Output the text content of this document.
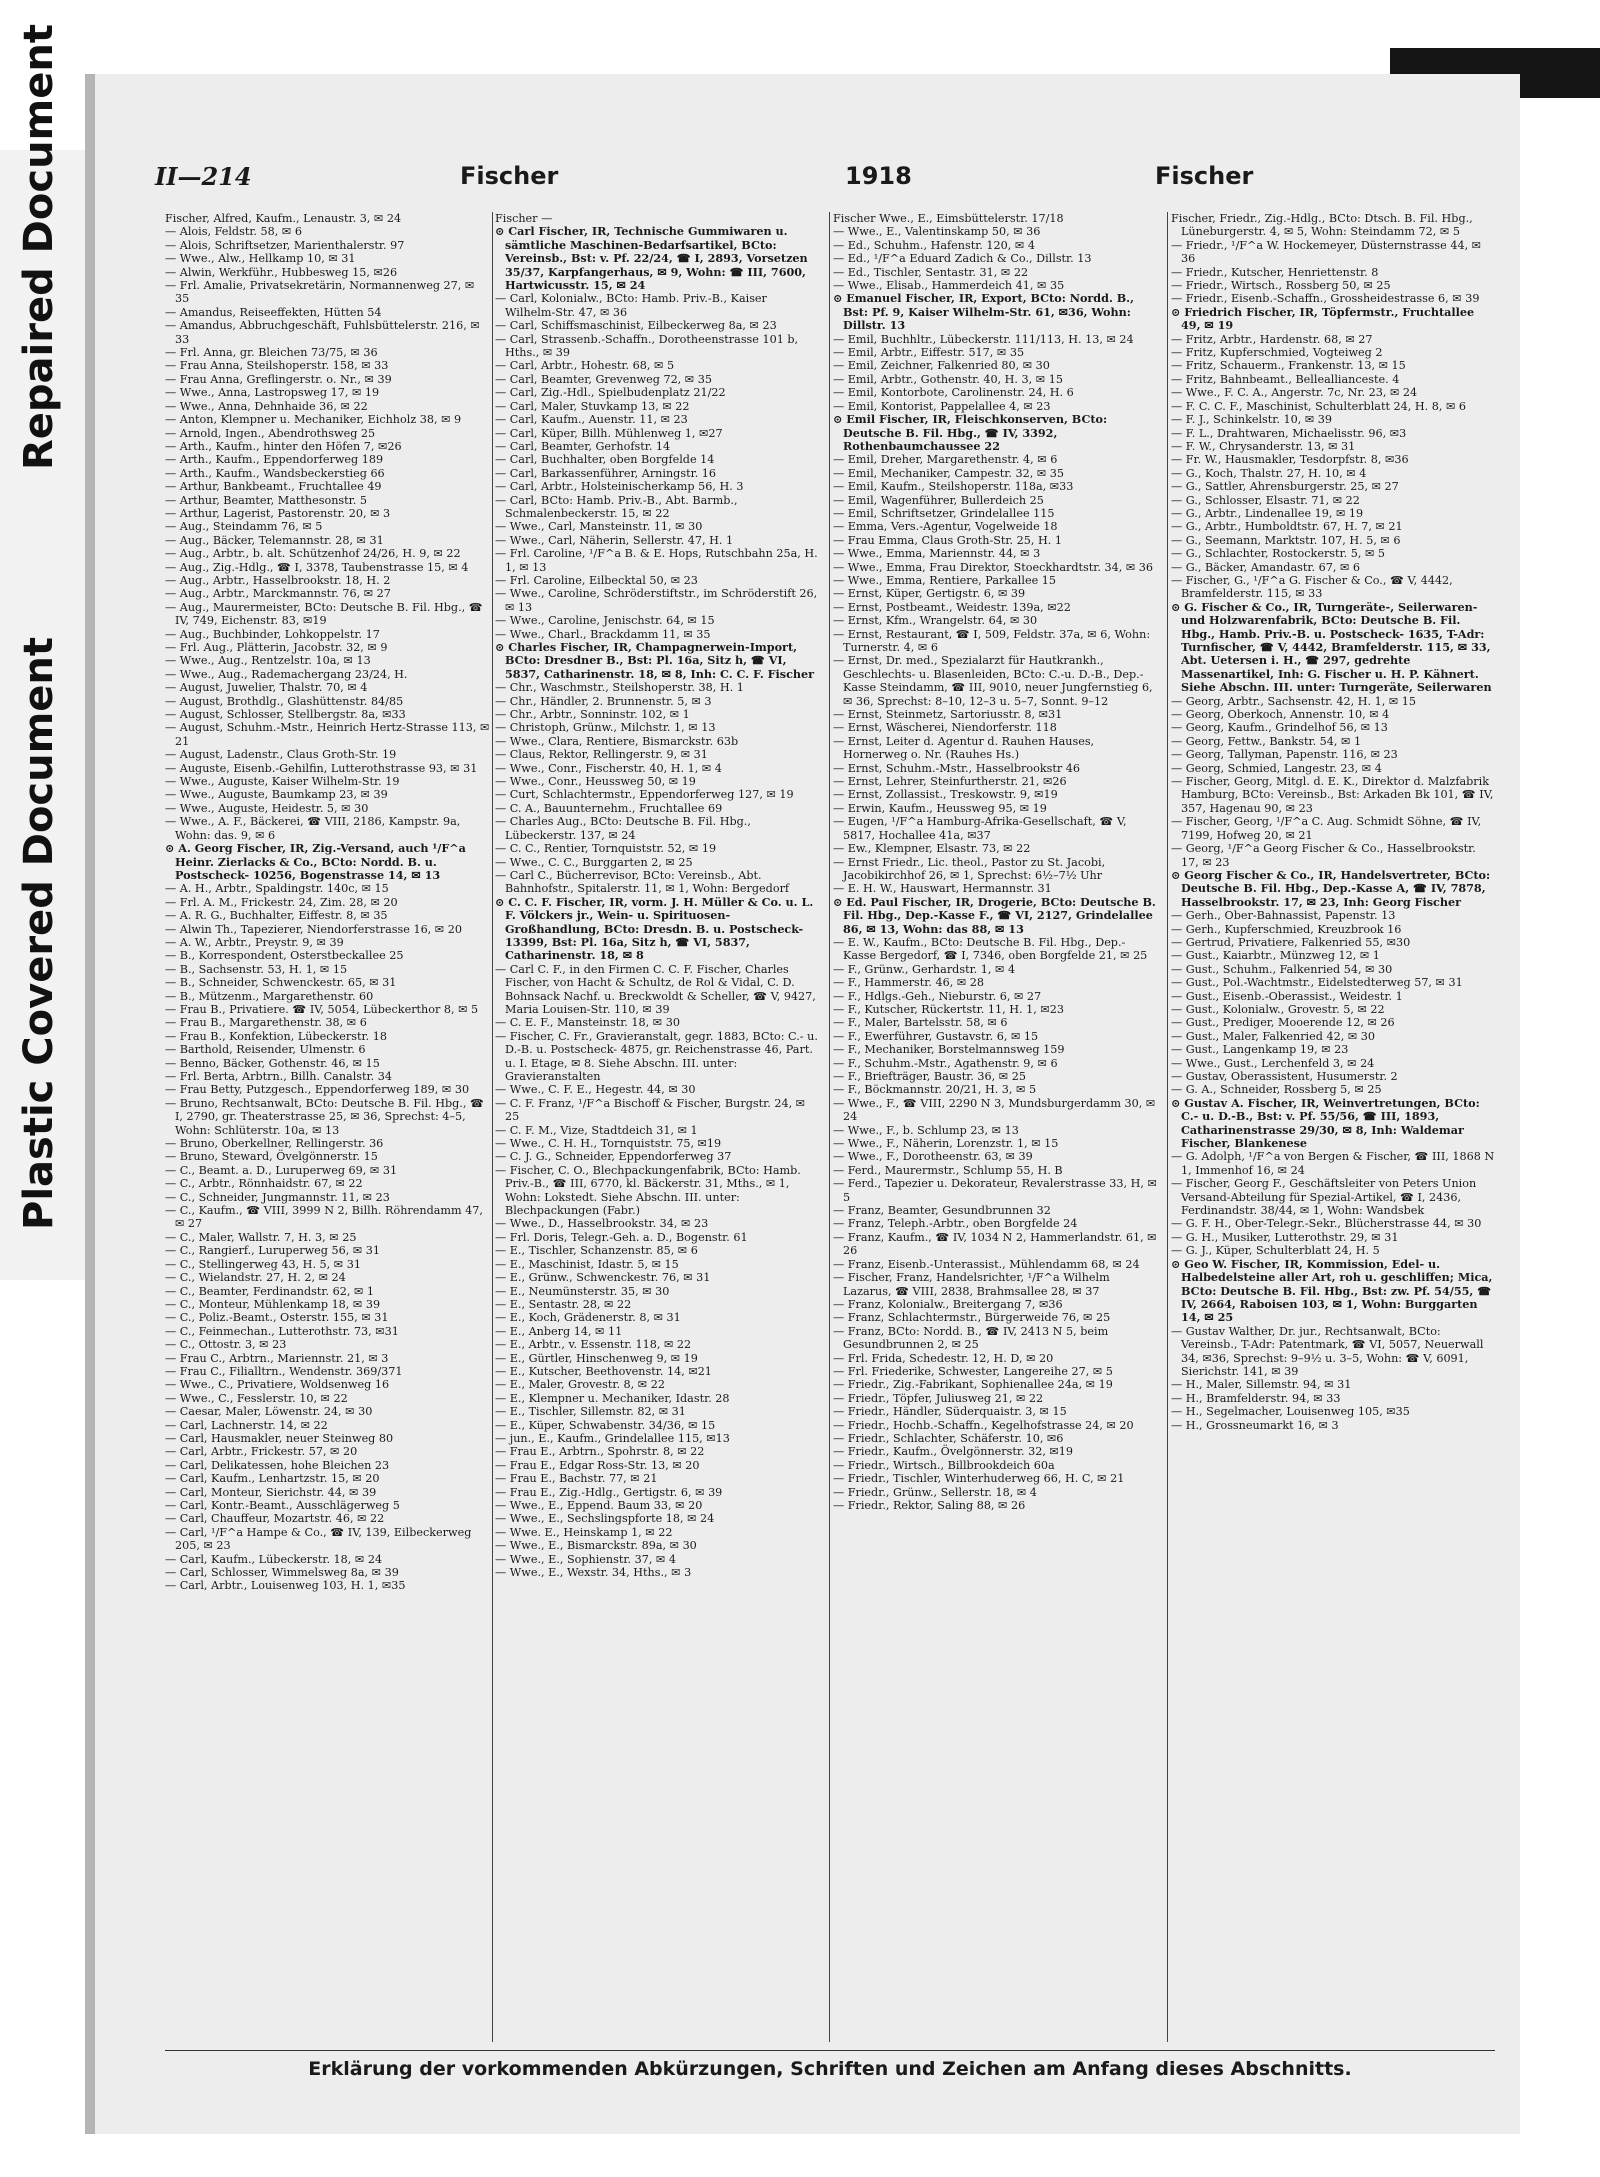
Plastic Covered Document
Repaired Document	II—214	Fischer	1918	Fischer

Fischer, Alfred, Kaufm., Lenaustr. 3, ✉ 24

— Alois, Feldstr. 58, ✉ 6

— Alois, Schriftsetzer, Marienthalerstr. 97

— Wwe., Alw., Hellkamp 10, ✉ 31

— Alwin, Werkführ., Hubbesweg 15, ✉26

— Frl. Amalie, Privatsekretärin, Normannenweg 27, ✉ 35

— Amandus, Reiseeffekten, Hütten 54

— Amandus, Abbruchgeschäft, Fuhlsbüttelerstr. 216, ✉ 33

— Frl. Anna, gr. Bleichen 73/75, ✉ 36

— Frau Anna, Steilshoperstr. 158, ✉ 33

— Frau Anna, Greflingerstr. o. Nr., ✉ 39

— Wwe., Anna, Lastropsweg 17, ✉ 19

— Wwe., Anna, Dehnhaide 36, ✉ 22

— Anton, Klempner u. Mechaniker, Eichholz 38, ✉ 9

— Arnold, Ingen., Abendrothsweg 25

— Arth., Kaufm., hinter den Höfen 7, ✉26

— Arth., Kaufm., Eppendorferweg 189

— Arth., Kaufm., Wandsbeckerstieg 66

— Arthur, Bankbeamt., Fruchtallee 49

— Arthur, Beamter, Matthesonstr. 5

— Arthur, Lagerist, Pastorenstr. 20, ✉ 3

— Aug., Steindamm 76, ✉ 5

— Aug., Bäcker, Telemannstr. 28, ✉ 31

— Aug., Arbtr., b. alt. Schützenhof 24/26, H. 9, ✉ 22

— Aug., Zig.-Hdlg., ☎ I, 3378, Taubenstrasse 15, ✉ 4

— Aug., Arbtr., Hasselbrookstr. 18, H. 2

— Aug., Arbtr., Marckmannstr. 76, ✉ 27

— Aug., Maurermeister, BCto: Deutsche B. Fil. Hbg., ☎ IV, 749, Eichenstr. 83, ✉19

— Aug., Buchbinder, Lohkoppelstr. 17

— Frl. Aug., Plätterin, Jacobstr. 32, ✉ 9

— Wwe., Aug., Rentzelstr. 10a, ✉ 13

— Wwe., Aug., Rademachergang 23/24, H.

— August, Juwelier, Thalstr. 70, ✉ 4

— August, Brothdlg., Glashüttenstr. 84/85

— August, Schlosser, Stellbergstr. 8a, ✉33

— August, Schuhm.-Mstr., Heinrich Hertz-Strasse 113, ✉ 21

— August, Ladenstr., Claus Groth-Str. 19

— Auguste, Eisenb.-Gehilfin, Lutterothstrasse 93, ✉ 31

— Wwe., Auguste, Kaiser Wilhelm-Str. 19

— Wwe., Auguste, Baumkamp 23, ✉ 39

— Wwe., Auguste, Heidestr. 5, ✉ 30

— Wwe., A. F., Bäckerei, ☎ VIII, 2186, Kampstr. 9a, Wohn: das. 9, ✉ 6

⊙ A. Georg Fischer, IR, Zig.-Versand, auch ¹/F^a Heinr. Zierlacks & Co., BCto: Nordd. B. u. Postscheck- 10256, Bogenstrasse 14, ✉ 13

— A. H., Arbtr., Spaldingstr. 140c, ✉ 15

— Frl. A. M., Frickestr. 24, Zim. 28, ✉ 20

— A. R. G., Buchhalter, Eiffestr. 8, ✉ 35

— Alwin Th., Tapezierer, Niendorferstrasse 16, ✉ 20

— A. W., Arbtr., Preystr. 9, ✉ 39

— B., Korrespondent, Osterstbeckallee 25

— B., Sachsenstr. 53, H. 1, ✉ 15

— B., Schneider, Schwenckestr. 65, ✉ 31

— B., Mützenm., Margarethenstr. 60

— Frau B., Privatiere. ☎ IV, 5054, Lübeckerthor 8, ✉ 5

— Frau B., Margarethenstr. 38, ✉ 6

— Frau B., Konfektion, Lübeckerstr. 18

— Barthold, Reisender, Ulmenstr. 6

— Benno, Bäcker, Gothenstr. 46, ✉ 15

— Frl. Berta, Arbtrn., Billh. Canalstr. 34

— Frau Betty, Putzgesch., Eppendorferweg 189, ✉ 30

— Bruno, Rechtsanwalt, BCto: Deutsche B. Fil. Hbg., ☎ I, 2790, gr. Theaterstrasse 25, ✉ 36, Sprechst: 4–5, Wohn: Schlüterstr. 10a, ✉ 13

— Bruno, Oberkellner, Rellingerstr. 36

— Bruno, Steward, Övelgönnerstr. 15

— C., Beamt. a. D., Luruperweg 69, ✉ 31

— C., Arbtr., Rönnhaidstr. 67, ✉ 22

— C., Schneider, Jungmannstr. 11, ✉ 23

— C., Kaufm., ☎ VIII, 3999 N 2, Billh. Röhrendamm 47, ✉ 27

— C., Maler, Wallstr. 7, H. 3, ✉ 25

— C., Rangierf., Luruperweg 56, ✉ 31

— C., Stellingerweg 43, H. 5, ✉ 31

— C., Wielandstr. 27, H. 2, ✉ 24

— C., Beamter, Ferdinandstr. 62, ✉ 1

— C., Monteur, Mühlenkamp 18, ✉ 39

— C., Poliz.-Beamt., Osterstr. 155, ✉ 31

— C., Feinmechan., Lutterothstr. 73, ✉31

— C., Ottostr. 3, ✉ 23

— Frau C., Arbtrn., Mariennstr. 21, ✉ 3

— Frau C., Filialltrn., Wendenstr. 369/371

— Wwe., C., Privatiere, Woldsenweg 16

— Wwe., C., Fesslerstr. 10, ✉ 22

— Caesar, Maler, Löwenstr. 24, ✉ 30

— Carl, Lachnerstr. 14, ✉ 22

— Carl, Hausmakler, neuer Steinweg 80

— Carl, Arbtr., Frickestr. 57, ✉ 20

— Carl, Delikatessen, hohe Bleichen 23

— Carl, Kaufm., Lenhartzstr. 15, ✉ 20

— Carl, Monteur, Sierichstr. 44, ✉ 39

— Carl, Kontr.-Beamt., Ausschlägerweg 5

— Carl, Chauffeur, Mozartstr. 46, ✉ 22

— Carl, ¹/F^a Hampe & Co., ☎ IV, 139, Eilbeckerweg 205, ✉ 23

— Carl, Kaufm., Lübeckerstr. 18, ✉ 24

— Carl, Schlosser, Wimmelsweg 8a, ✉ 39

— Carl, Arbtr., Louisenweg 103, H. 1, ✉35

Fischer —

⊙ Carl Fischer, IR, Technische Gummiwaren u. sämtliche Maschinen-Bedarfsartikel, BCto: Vereinsb., Bst: v. Pf. 22/24, ☎ I, 2893, Vorsetzen 35/37, Karpfangerhaus, ✉ 9, Wohn: ☎ III, 7600, Hartwicusstr. 15, ✉ 24

— Carl, Kolonialw., BCto: Hamb. Priv.-B., Kaiser Wilhelm-Str. 47, ✉ 36

— Carl, Schiffsmaschinist, Eilbeckerweg 8a, ✉ 23

— Carl, Strassenb.-Schaffn., Dorotheenstrasse 101 b, Hths., ✉ 39

— Carl, Arbtr., Hohestr. 68, ✉ 5

— Carl, Beamter, Grevenweg 72, ✉ 35

— Carl, Zig.-Hdl., Spielbudenplatz 21/22

— Carl, Maler, Stuvkamp 13, ✉ 22

— Carl, Kaufm., Auenstr. 11, ✉ 23

— Carl, Küper, Billh. Mühlenweg 1, ✉27

— Carl, Beamter, Gerhofstr. 14

— Carl, Buchhalter, oben Borgfelde 14

— Carl, Barkassenführer, Arningstr. 16

— Carl, Arbtr., Holsteinischerkamp 56, H. 3

— Carl, BCto: Hamb. Priv.-B., Abt. Barmb., Schmalenbeckerstr. 15, ✉ 22

— Wwe., Carl, Mansteinstr. 11, ✉ 30

— Wwe., Carl, Näherin, Sellerstr. 47, H. 1

— Frl. Caroline, ¹/F^a B. & E. Hops, Rutschbahn 25a, H. 1, ✉ 13

— Frl. Caroline, Eilbecktal 50, ✉ 23

— Wwe., Caroline, Schröderstiftstr., im Schröderstift 26, ✉ 13

— Wwe., Caroline, Jenischstr. 64, ✉ 15

— Wwe., Charl., Brackdamm 11, ✉ 35

⊙ Charles Fischer, IR, Champagnerwein-Import, BCto: Dresdner B., Bst: Pl. 16a, Sitz h, ☎ VI, 5837, Catharinenstr. 18, ✉ 8, Inh: C. C. F. Fischer

— Chr., Waschmstr., Steilshoperstr. 38, H. 1

— Chr., Händler, 2. Brunnenstr. 5, ✉ 3

— Chr., Arbtr., Sonninstr. 102, ✉ 1

— Christoph, Grünw., Milchstr. 1, ✉ 13

— Wwe., Clara, Rentiere, Bismarckstr. 63b

— Claus, Rektor, Rellingerstr. 9, ✉ 31

— Wwe., Conr., Fischerstr. 40, H. 1, ✉ 4

— Wwe., Conr., Heussweg 50, ✉ 19

— Curt, Schlachtermstr., Eppendorferweg 127, ✉ 19

— C. A., Bauunternehm., Fruchtallee 69

— Charles Aug., BCto: Deutsche B. Fil. Hbg., Lübeckerstr. 137, ✉ 24

— C. C., Rentier, Tornquiststr. 52, ✉ 19

— Wwe., C. C., Burggarten 2, ✉ 25

— Carl C., Bücherrevisor, BCto: Vereinsb., Abt. Bahnhofstr., Spitalerstr. 11, ✉ 1, Wohn: Bergedorf

⊙ C. C. F. Fischer, IR, vorm. J. H. Müller & Co. u. L. F. Völckers jr., Wein- u. Spirituosen-Großhandlung, BCto: Dresdn. B. u. Postscheck- 13399, Bst: Pl. 16a, Sitz h, ☎ VI, 5837, Catharinenstr. 18, ✉ 8

— Carl C. F., in den Firmen C. C. F. Fischer, Charles Fischer, von Hacht & Schultz, de Rol & Vidal, C. D. Bohnsack Nachf. u. Breckwoldt & Scheller, ☎ V, 9427, Maria Louisen-Str. 110, ✉ 39

— C. E. F., Mansteinstr. 18, ✉ 30

— Fischer, C. Fr., Gravieranstalt, gegr. 1883, BCto: C.- u. D.-B. u. Postscheck- 4875, gr. Reichenstrasse 46, Part. u. I. Etage, ✉ 8. Siehe Abschn. III. unter: Gravieranstalten

— Wwe., C. F. E., Hegestr. 44, ✉ 30

— C. F. Franz, ¹/F^a Bischoff & Fischer, Burgstr. 24, ✉ 25

— C. F. M., Vize, Stadtdeich 31, ✉ 1

— Wwe., C. H. H., Tornquiststr. 75, ✉19

— C. J. G., Schneider, Eppendorferweg 37

— Fischer, C. O., Blechpackungenfabrik, BCto: Hamb. Priv.-B., ☎ III, 6770, kl. Bäckerstr. 31, Mths., ✉ 1, Wohn: Lokstedt. Siehe Abschn. III. unter: Blechpackungen (Fabr.)

— Wwe., D., Hasselbrookstr. 34, ✉ 23

— Frl. Doris, Telegr.-Geh. a. D., Bogenstr. 61

— E., Tischler, Schanzenstr. 85, ✉ 6

— E., Maschinist, Idastr. 5, ✉ 15

— E., Grünw., Schwenckestr. 76, ✉ 31

— E., Neumünsterstr. 35, ✉ 30

— E., Sentastr. 28, ✉ 22

— E., Koch, Grädenerstr. 8, ✉ 31

— E., Anberg 14, ✉ 11

— E., Arbtr., v. Essenstr. 118, ✉ 22

— E., Gürtler, Hinschenweg 9, ✉ 19

— E., Kutscher, Beethovenstr. 14, ✉21

— E., Maler, Grovestr. 8, ✉ 22

— E., Klempner u. Mechaniker, Idastr. 28

— E., Tischler, Sillemstr. 82, ✉ 31

— E., Küper, Schwabenstr. 34/36, ✉ 15

— jun., E., Kaufm., Grindelallee 115, ✉13

— Frau E., Arbtrn., Spohrstr. 8, ✉ 22

— Frau E., Edgar Ross-Str. 13, ✉ 20

— Frau E., Bachstr. 77, ✉ 21

— Frau E., Zig.-Hdlg., Gertigstr. 6, ✉ 39

— Wwe., E., Eppend. Baum 33, ✉ 20

— Wwe., E., Sechslingspforte 18, ✉ 24

— Wwe. E., Heinskamp 1, ✉ 22

— Wwe., E., Bismarckstr. 89a, ✉ 30

— Wwe., E., Sophienstr. 37, ✉ 4

— Wwe., E., Wexstr. 34, Hths., ✉ 3

Fischer Wwe., E., Eimsbüttelerstr. 17/18

— Wwe., E., Valentinskamp 50, ✉ 36

— Ed., Schuhm., Hafenstr. 120, ✉ 4

— Ed., ¹/F^a Eduard Zadich & Co., Dillstr. 13

— Ed., Tischler, Sentastr. 31, ✉ 22

— Wwe., Elisab., Hammerdeich 41, ✉ 35

⊙ Emanuel Fischer, IR, Export, BCto: Nordd. B., Bst: Pf. 9, Kaiser Wilhelm-Str. 61, ✉36, Wohn: Dillstr. 13

— Emil, Buchhltr., Lübeckerstr. 111/113, H. 13, ✉ 24

— Emil, Arbtr., Eiffestr. 517, ✉ 35

— Emil, Zeichner, Falkenried 80, ✉ 30

— Emil, Arbtr., Gothenstr. 40, H. 3, ✉ 15

— Emil, Kontorbote, Carolinenstr. 24, H. 6

— Emil, Kontorist, Pappelallee 4, ✉ 23

⊙ Emil Fischer, IR, Fleischkonserven, BCto: Deutsche B. Fil. Hbg., ☎ IV, 3392, Rothenbaumchaussee 22

— Emil, Dreher, Margarethenstr. 4, ✉ 6

— Emil, Mechaniker, Campestr. 32, ✉ 35

— Emil, Kaufm., Steilshoperstr. 118a, ✉33

— Emil, Wagenführer, Bullerdeich 25

— Emil, Schriftsetzer, Grindelallee 115

— Emma, Vers.-Agentur, Vogelweide 18

— Frau Emma, Claus Groth-Str. 25, H. 1

— Wwe., Emma, Mariennstr. 44, ✉ 3

— Wwe., Emma, Frau Direktor, Stoeckhardtstr. 34, ✉ 36

— Wwe., Emma, Rentiere, Parkallee 15

— Ernst, Küper, Gertigstr. 6, ✉ 39

— Ernst, Postbeamt., Weidestr. 139a, ✉22

— Ernst, Kfm., Wrangelstr. 64, ✉ 30

— Ernst, Restaurant, ☎ I, 509, Feldstr. 37a, ✉ 6, Wohn: Turnerstr. 4, ✉ 6

— Ernst, Dr. med., Spezialarzt für Hautkrankh., Geschlechts- u. Blasenleiden, BCto: C.-u. D.-B., Dep.-Kasse Steindamm, ☎ III, 9010, neuer Jungfernstieg 6, ✉ 36, Sprechst: 8–10, 12–3 u. 5–7, Sonnt. 9–12

— Ernst, Steinmetz, Sartoriusstr. 8, ✉31

— Ernst, Wäscherei, Niendorferstr. 118

— Ernst, Leiter d. Agentur d. Rauhen Hauses, Hornerweg o. Nr. (Rauhes Hs.)

— Ernst, Schuhm.-Mstr., Hasselbrookstr 46

— Ernst, Lehrer, Steinfurtherstr. 21, ✉26

— Ernst, Zollassist., Treskowstr. 9, ✉19

— Erwin, Kaufm., Heussweg 95, ✉ 19

— Eugen, ¹/F^a Hamburg-Afrika-Gesellschaft, ☎ V, 5817, Hochallee 41a, ✉37

— Ew., Klempner, Elsastr. 73, ✉ 22

— Ernst Friedr., Lic. theol., Pastor zu St. Jacobi, Jacobikirchhof 26, ✉ 1, Sprechst: 6½–7½ Uhr

— E. H. W., Hauswart, Hermannstr. 31

⊙ Ed. Paul Fischer, IR, Drogerie, BCto: Deutsche B. Fil. Hbg., Dep.-Kasse F., ☎ VI, 2127, Grindelallee 86, ✉ 13, Wohn: das 88, ✉ 13

— E. W., Kaufm., BCto: Deutsche B. Fil. Hbg., Dep.-Kasse Bergedorf, ☎ I, 7346, oben Borgfelde 21, ✉ 25

— F., Grünw., Gerhardstr. 1, ✉ 4

— F., Hammerstr. 46, ✉ 28

— F., Hdlgs.-Geh., Nieburstr. 6, ✉ 27

— F., Kutscher, Rückertstr. 11, H. 1, ✉23

— F., Maler, Bartelsstr. 58, ✉ 6

— F., Ewerführer, Gustavstr. 6, ✉ 15

— F., Mechaniker, Borstelmannsweg 159

— F., Schuhm.-Mstr., Agathenstr. 9, ✉ 6

— F., Briefträger, Baustr. 36, ✉ 25

— F., Böckmannstr. 20/21, H. 3, ✉ 5

— Wwe., F., ☎ VIII, 2290 N 3, Mundsburgerdamm 30, ✉ 24

— Wwe., F., b. Schlump 23, ✉ 13

— Wwe., F., Näherin, Lorenzstr. 1, ✉ 15

— Wwe., F., Dorotheenstr. 63, ✉ 39

— Ferd., Maurermstr., Schlump 55, H. B

— Ferd., Tapezier u. Dekorateur, Revalerstrasse 33, H, ✉ 5

— Franz, Beamter, Gesundbrunnen 32

— Franz, Teleph.-Arbtr., oben Borgfelde 24

— Franz, Kaufm., ☎ IV, 1034 N 2, Hammerlandstr. 61, ✉ 26

— Franz, Eisenb.-Unterassist., Mühlendamm 68, ✉ 24

— Fischer, Franz, Handelsrichter, ¹/F^a Wilhelm Lazarus, ☎ VIII, 2838, Brahmsallee 28, ✉ 37

— Franz, Kolonialw., Breitergang 7, ✉36

— Franz, Schlachtermstr., Bürgerweide 76, ✉ 25

— Franz, BCto: Nordd. B., ☎ IV, 2413 N 5, beim Gesundbrunnen 2, ✉ 25

— Frl. Frida, Schedestr. 12, H. D, ✉ 20

— Frl. Friederike, Schwester, Langereihe 27, ✉ 5

— Friedr., Zig.-Fabrikant, Sophienallee 24a, ✉ 19

— Friedr., Töpfer, Juliusweg 21, ✉ 22

— Friedr., Händler, Süderquaistr. 3, ✉ 15

— Friedr., Hochb.-Schaffn., Kegelhofstrasse 24, ✉ 20

— Friedr., Schlachter, Schäferstr. 10, ✉6

— Friedr., Kaufm., Övelgönnerstr. 32, ✉19

— Friedr., Wirtsch., Billbrookdeich 60a

— Friedr., Tischler, Winterhuderweg 66, H. C, ✉ 21

— Friedr., Grünw., Sellerstr. 18, ✉ 4

— Friedr., Rektor, Saling 88, ✉ 26

Fischer, Friedr., Zig.-Hdlg., BCto: Dtsch. B. Fil. Hbg., Lüneburgerstr. 4, ✉ 5, Wohn: Steindamm 72, ✉ 5

— Friedr., ¹/F^a W. Hockemeyer, Düsternstrasse 44, ✉ 36

— Friedr., Kutscher, Henriettenstr. 8

— Friedr., Wirtsch., Rossberg 50, ✉ 25

— Friedr., Eisenb.-Schaffn., Grossheidestrasse 6, ✉ 39

⊙ Friedrich Fischer, IR, Töpfermstr., Fruchtallee 49, ✉ 19

— Fritz, Arbtr., Hardenstr. 68, ✉ 27

— Fritz, Kupferschmied, Vogteiweg 2

— Fritz, Schauerm., Frankenstr. 13, ✉ 15

— Fritz, Bahnbeamt., Belleallianceste. 4

— Wwe., F. C. A., Angerstr. 7c, Nr. 23, ✉ 24

— F. C. C. F., Maschinist, Schulterblatt 24, H. 8, ✉ 6

— F. J., Schinkelstr. 10, ✉ 39

— F. L., Drahtwaren, Michaelisstr. 96, ✉3

— F. W., Chrysanderstr. 13, ✉ 31

— Fr. W., Hausmakler, Tesdorpfstr. 8, ✉36

— G., Koch, Thalstr. 27, H. 10, ✉ 4

— G., Sattler, Ahrensburgerstr. 25, ✉ 27

— G., Schlosser, Elsastr. 71, ✉ 22

— G., Arbtr., Lindenallee 19, ✉ 19

— G., Arbtr., Humboldtstr. 67, H. 7, ✉ 21

— G., Seemann, Marktstr. 107, H. 5, ✉ 6

— G., Schlachter, Rostockerstr. 5, ✉ 5

— G., Bäcker, Amandastr. 67, ✉ 6

— Fischer, G., ¹/F^a G. Fischer & Co., ☎ V, 4442, Bramfelderstr. 115, ✉ 33

⊙ G. Fischer & Co., IR, Turngeräte-, Seilerwaren- und Holzwarenfabrik, BCto: Deutsche B. Fil. Hbg., Hamb. Priv.-B. u. Postscheck- 1635, T-Adr: Turnfischer, ☎ V, 4442, Bramfelderstr. 115, ✉ 33, Abt. Uetersen i. H., ☎ 297, gedrehte Massenartikel, Inh: G. Fischer u. H. P. Kähnert. Siehe Abschn. III. unter: Turngeräte, Seilerwaren

— Georg, Arbtr., Sachsenstr. 42, H. 1, ✉ 15

— Georg, Oberkoch, Annenstr. 10, ✉ 4

— Georg, Kaufm., Grindelhof 56, ✉ 13

— Georg, Fettw., Bankstr. 54, ✉ 1

— Georg, Tallyman, Papenstr. 116, ✉ 23

— Georg, Schmied, Langestr. 23, ✉ 4

— Fischer, Georg, Mitgl. d. E. K., Direktor d. Malzfabrik Hamburg, BCto: Vereinsb., Bst: Arkaden Bk 101, ☎ IV, 357, Hagenau 90, ✉ 23

— Fischer, Georg, ¹/F^a C. Aug. Schmidt Söhne, ☎ IV, 7199, Hofweg 20, ✉ 21

— Georg, ¹/F^a Georg Fischer & Co., Hasselbrookstr. 17, ✉ 23

⊙ Georg Fischer & Co., IR, Handelsvertreter, BCto: Deutsche B. Fil. Hbg., Dep.-Kasse A, ☎ IV, 7878, Hasselbrookstr. 17, ✉ 23, Inh: Georg Fischer

— Gerh., Ober-Bahnassist, Papenstr. 13

— Gerh., Kupferschmied, Kreuzbrook 16

— Gertrud, Privatiere, Falkenried 55, ✉30

— Gust., Kaiarbtr., Münzweg 12, ✉ 1

— Gust., Schuhm., Falkenried 54, ✉ 30

— Gust., Pol.-Wachtmstr., Eidelstedterweg 57, ✉ 31

— Gust., Eisenb.-Oberassist., Weidestr. 1

— Gust., Kolonialw., Grovestr. 5, ✉ 22

— Gust., Prediger, Mooerende 12, ✉ 26

— Gust., Maler, Falkenried 42, ✉ 30

— Gust., Langenkamp 19, ✉ 23

— Wwe., Gust., Lerchenfeld 3, ✉ 24

— Gustav, Oberassistent, Husumerstr. 2

— G. A., Schneider, Rossberg 5, ✉ 25

⊙ Gustav A. Fischer, IR, Weinvertretungen, BCto: C.- u. D.-B., Bst: v. Pf. 55/56, ☎ III, 1893, Catharinenstrasse 29/30, ✉ 8, Inh: Waldemar Fischer, Blankenese

— G. Adolph, ¹/F^a von Bergen & Fischer, ☎ III, 1868 N 1, Immenhof 16, ✉ 24

— Fischer, Georg F., Geschäftsleiter von Peters Union Versand-Abteilung für Spezial-Artikel, ☎ I, 2436, Ferdinandstr. 38/44, ✉ 1, Wohn: Wandsbek

— G. F. H., Ober-Telegr.-Sekr., Blücherstrasse 44, ✉ 30

— G. H., Musiker, Lutterothstr. 29, ✉ 31

— G. J., Küper, Schulterblatt 24, H. 5

⊙ Geo W. Fischer, IR, Kommission, Edel- u. Halbedelsteine aller Art, roh u. geschliffen; Mica, BCto: Deutsche B. Fil. Hbg., Bst: zw. Pf. 54/55, ☎ IV, 2664, Raboisen 103, ✉ 1, Wohn: Burggarten 14, ✉ 25

— Gustav Walther, Dr. jur., Rechtsanwalt, BCto: Vereinsb., T-Adr: Patentmark, ☎ VI, 5057, Neuerwall 34, ✉36, Sprechst: 9–9½ u. 3–5, Wohn: ☎ V, 6091, Sierichstr. 141, ✉ 39

— H., Maler, Sillemstr. 94, ✉ 31

— H., Bramfelderstr. 94, ✉ 33

— H., Segelmacher, Louisenweg 105, ✉35

— H., Grossneumarkt 16, ✉ 3

Erklärung der vorkommenden Abkürzungen, Schriften und Zeichen am Anfang dieses Abschnitts.
